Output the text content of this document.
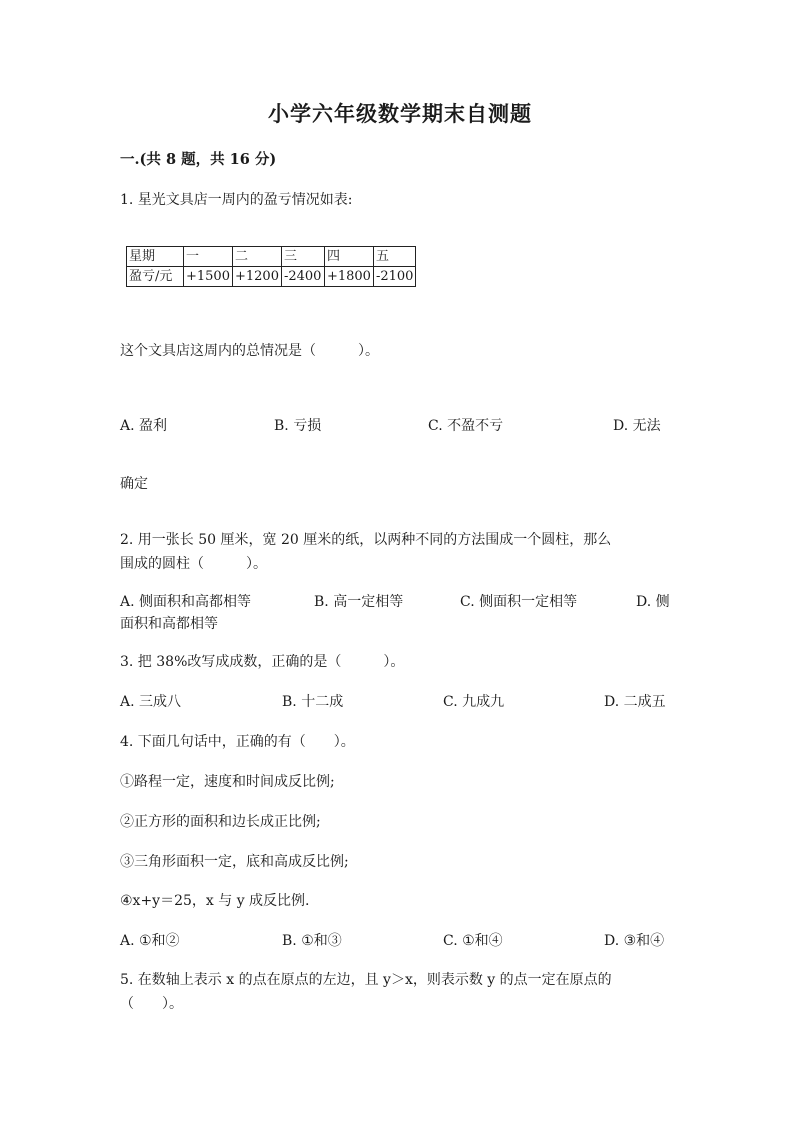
小学六年级数学期末自测题
一.(共 8 题，共 16 分)
1. 星光文具店一周内的盈亏情况如表:
星期	一	二	三	四	五
盈亏/元	+1500	+1200	-2400	+1800	-2100
这个文具店这周内的总情况是（　　　）。
A. 盈利	B. 亏损	C. 不盈不亏	D. 无法
确定
2. 用一张长 50 厘米，宽 20 厘米的纸，以两种不同的方法围成一个圆柱，那么
围成的圆柱（　　　）。
A. 侧面积和高都相等	B. 高一定相等	C. 侧面积一定相等	D. 侧
面积和高都相等
3. 把 38%改写成成数，正确的是（　　　）。
A. 三成八	B. 十二成	C. 九成九	D. 二成五
4. 下面几句话中，正确的有（　　）。
①路程一定，速度和时间成反比例;
②正方形的面积和边长成正比例;
③三角形面积一定，底和高成反比例;
④x+y＝25，x 与 y 成反比例.
A. ①和②	B. ①和③	C. ①和④	D. ③和④
5. 在数轴上表示 x 的点在原点的左边，且 y＞x，则表示数 y 的点一定在原点的
（　　）。
